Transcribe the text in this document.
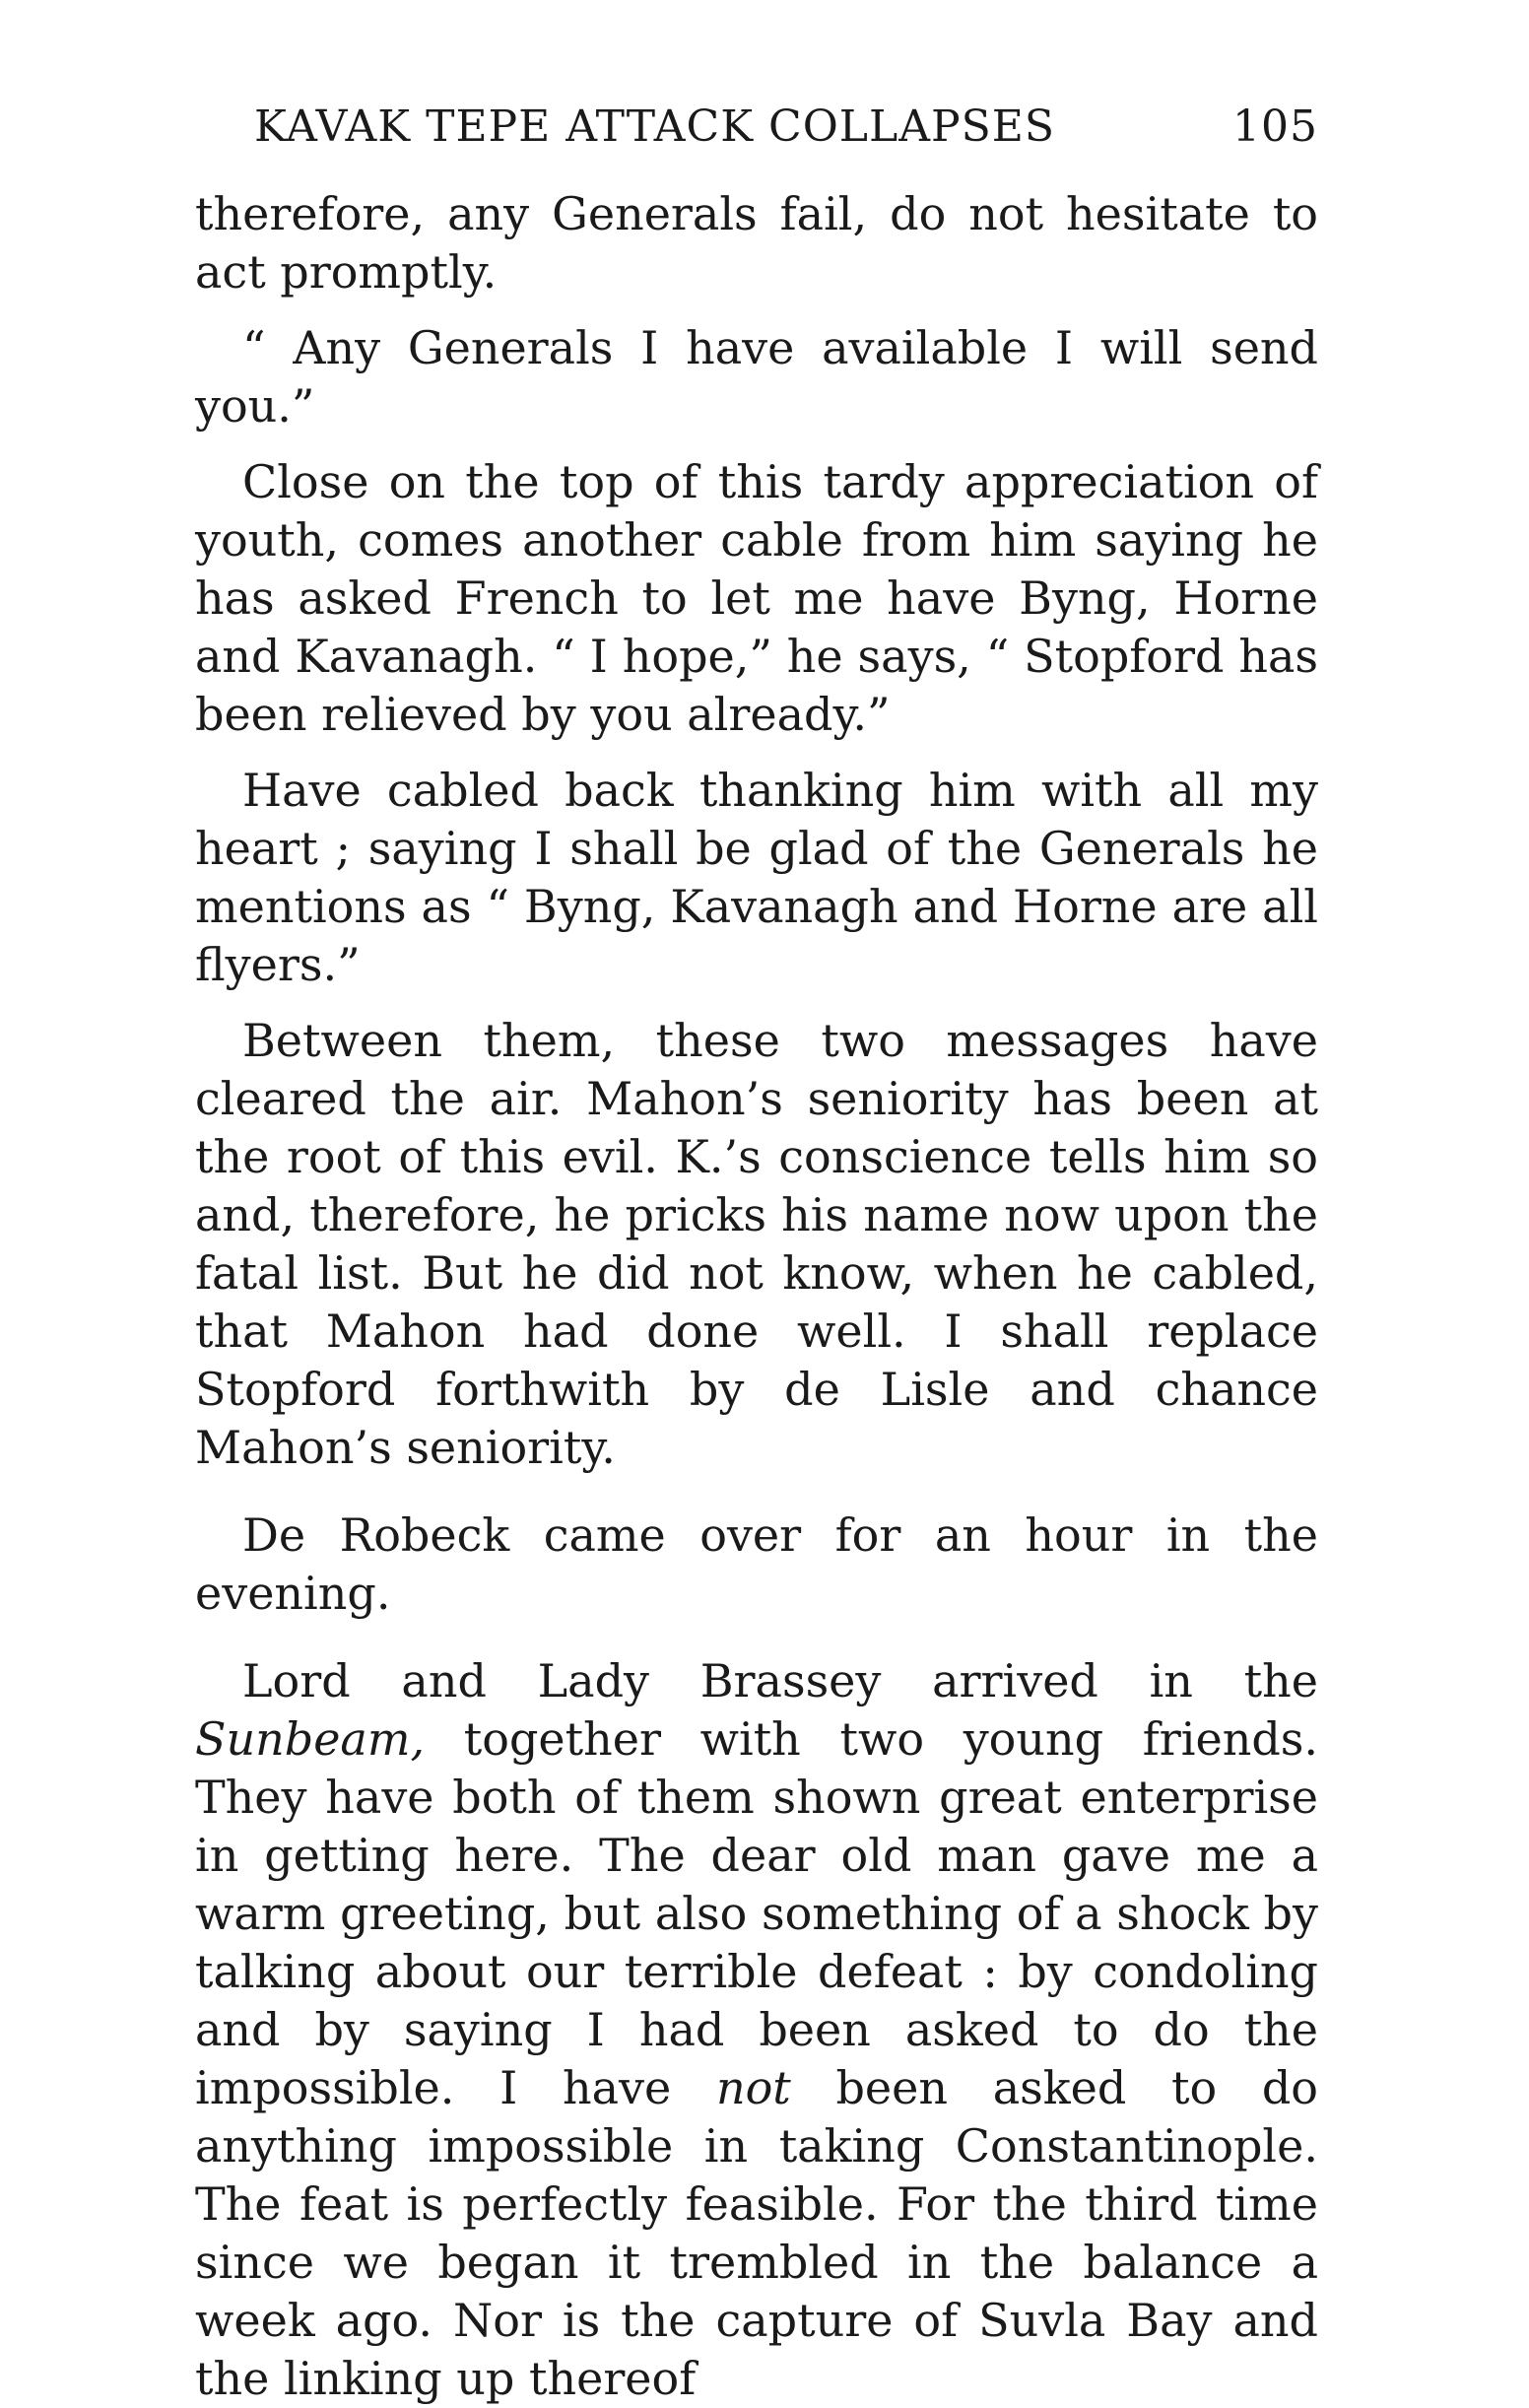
KAVAK TEPE ATTACK COLLAPSES	105

therefore, any Generals fail, do not hesitate to act promptly.

“ Any Generals I have available I will send you.”

Close on the top of this tardy appreciation of youth, comes another cable from him saying he has asked French to let me have Byng, Horne and Kavanagh. “ I hope,” he says, “ Stopford has been relieved by you already.”

Have cabled back thanking him with all my heart ; saying I shall be glad of the Generals he mentions as “ Byng, Kavanagh and Horne are all flyers.”

Between them, these two messages have cleared the air. Mahon’s seniority has been at the root of this evil. K.’s conscience tells him so and, therefore, he pricks his name now upon the fatal list. But he did not know, when he cabled, that Mahon had done well. I shall replace Stopford forthwith by de Lisle and chance Mahon’s seniority.

De Robeck came over for an hour in the evening.

Lord and Lady Brassey arrived in the Sunbeam, together with two young friends. They have both of them shown great enterprise in getting here. The dear old man gave me a warm greeting, but also something of a shock by talking about our terrible defeat : by condoling and by saying I had been asked to do the impossible. I have not been asked to do anything impossible in taking Constantinople. The feat is perfectly feasible. For the third time since we began it trembled in the balance a week ago. Nor is the capture of Suvla Bay and the linking up thereof
